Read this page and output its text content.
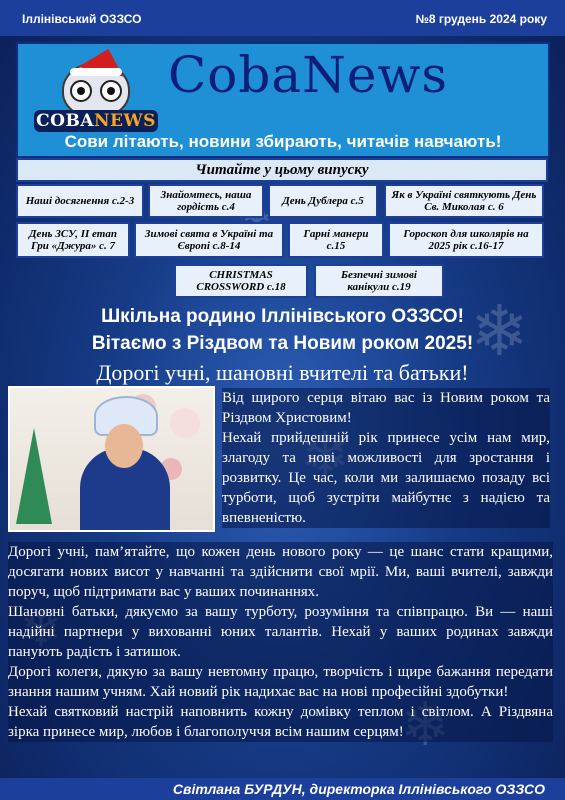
❄
Іллінівський ОЗЗСО	№8 грудень 2024 року
COBANEWS
CobaNews
Сови літають, новини збирають, читачів навчають!
Читайте у цьому випуску
Наші досягнення с.2-3	Знайомтесь, наша гордість с.4	День Дублера с.5	Як в Україні святкують День Св. Миколая с. 6
День ЗСУ, ІІ етап Гри «Джура» с. 7
Зимові свята в Україні та Європі с.8-14
Гарні манери с.15
Гороскоп для школярів на 2025 рік с.16-17
CHRISTMAS CROSSWORD с.18
Безпечні зимові канікули с.19
Шкільна родино Іллінівського ОЗЗСО!
Вітаємо з Різдвом та Новим роком 2025!
Дорогі учні, шановні вчителі та батьки!

Від щирого серця вітаю вас із Новим роком та Різдвом Христовим!

Нехай прийдешній рік принесе усім нам мир, злагоду та нові можливості для зростання і розвитку. Це час, коли ми залишаємо позаду всі турботи, щоб зустріти майбутнє з надією та впевненістю.

Дорогі учні, пам’ятайте, що кожен день нового року — це шанс стати кращими, досягати нових висот у навчанні та здійснити свої мрії. Ми, ваші вчителі, завжди поруч, щоб підтримати вас у ваших починаннях.

Шановні батьки, дякуємо за вашу турботу, розуміння та співпрацю. Ви — наші надійні партнери у вихованні юних талантів. Нехай у ваших родинах завжди панують радість і затишок.

Дорогі колеги, дякую за вашу невтомну працю, творчість і щире бажання передати знання нашим учням. Хай новий рік надихає вас на нові професійні здобутки!

Нехай святковий настрій наповнить кожну домівку теплом і світлом. А Різдвяна зірка принесе мир, любов і благополуччя всім нашим серцям!

Світлана БУРДУН, директорка Іллінівського ОЗЗСО
